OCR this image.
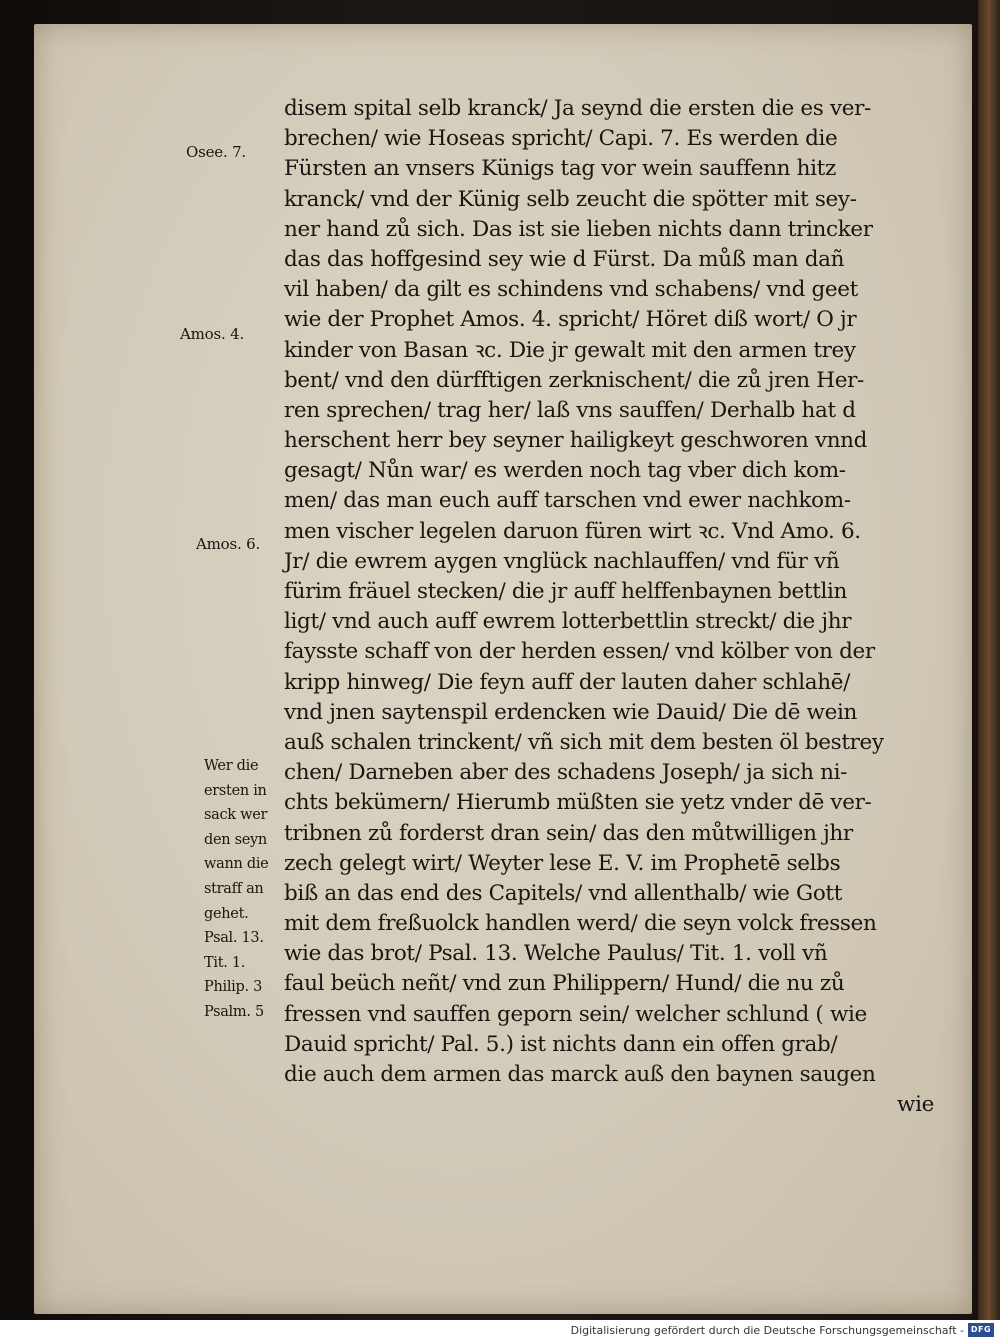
disem spital selb kranck/ Ja seynd die ersten die es ver-
brechen/ wie Hoseas spricht/ Capi. 7. Es werden die
Fürsten an vnsers Künigs tag vor wein sauffenn hitz
kranck/ vnd der Künig selb zeucht die spötter mit sey-
ner hand zů sich. Das ist sie lieben nichts dann trincker
das das hoffgesind sey wie d Fürst. Da můß man dañ
vil haben/ da gilt es schindens vnd schabens/ vnd geet
wie der Prophet Amos. 4. spricht/ Höret diß wort/ O jr
kinder von Basan ꝛc. Die jr gewalt mit den armen trey
bent/ vnd den dürfftigen zerknischent/ die zů jren Her-
ren sprechen/ trag her/ laß vns sauffen/ Derhalb hat d
herschent herr bey seyner hailigkeyt geschworen vnnd
gesagt/ Nůn war/ es werden noch tag vber dich kom-
men/ das man euch auff tarschen vnd ewer nachkom-
men vischer legelen daruon füren wirt ꝛc. Vnd Amo. 6.
Jr/ die ewrem aygen vnglück nachlauffen/ vnd für vñ
fürim fräuel stecken/ die jr auff helffenbaynen bettlin
ligt/ vnd auch auff ewrem lotterbettlin streckt/ die jhr
faysste schaff von der herden essen/ vnd kölber von der
kripp hinweg/ Die feyn auff der lauten daher schlahē/
vnd jnen saytenspil erdencken wie Dauid/ Die dē wein
auß schalen trinckent/ vñ sich mit dem besten öl bestrey
chen/ Darneben aber des schadens Joseph/ ja sich ni-
chts bekümern/ Hierumb müßten sie yetz vnder dē ver-
tribnen zů forderst dran sein/ das den můtwilligen jhr
zech gelegt wirt/ Weyter lese E. V. im Prophetē selbs
biß an das end des Capitels/ vnd allenthalb/ wie Gott
mit dem freßuolck handlen werd/ die seyn volck fressen
wie das brot/ Psal. 13. Welche Paulus/ Tit. 1. voll vñ
faul beüch neñt/ vnd zun Philippern/ Hund/ die nu zů
fressen vnd sauffen geporn sein/ welcher schlund ( wie
Dauid spricht/ Pal. 5.) ist nichts dann ein offen grab/
die auch dem armen das marck auß den baynen saugen
wie
Osee. 7.
Amos. 4.
Amos. 6.
Wer die
ersten in
sack wer
den seyn
wann die
straff an
gehet.
Psal. 13.
Tit. 1.
Philip. 3
Psalm. 5
Digitalisierung gefördert durch die Deutsche Forschungsgemeinschaft - DFG
